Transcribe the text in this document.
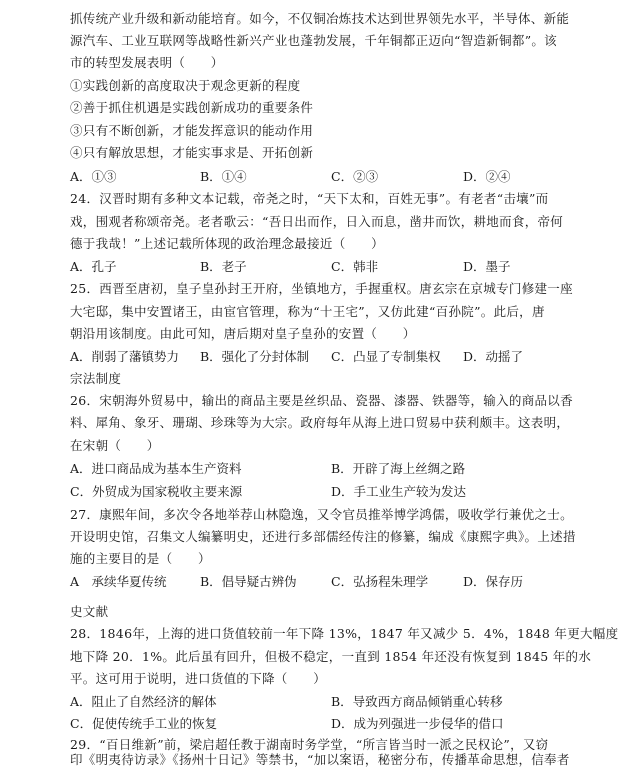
抓传统产业升级和新动能培育。如今，不仅铜冶炼技术达到世界领先水平，半导体、新能
源汽车、工业互联网等战略性新兴产业也蓬勃发展，千年铜都正迈向“智造新铜都”。该
市的转型发展表明（　　）
①实践创新的高度取决于观念更新的程度
②善于抓住机遇是实践创新成功的重要条件
③只有不断创新，才能发挥意识的能动作用
④只有解放思想，才能实事求是、开拓创新
A．①③	B．①④	C．②③	D．②④
24．汉晋时期有多种文本记载，帝尧之时，“天下太和，百姓无事”。有老者“击壤”而
戏，围观者称颂帝尧。老者歌云：“吾日出而作，日入而息，凿井而饮，耕地而食，帝何
德于我哉！”上述记载所体现的政治理念最接近（　　）
A．孔子	B．老子	C．韩非	D．墨子
25．西晋至唐初，皇子皇孙封王开府，坐镇地方，手握重权。唐玄宗在京城专门修建一座
大宅邸，集中安置诸王，由宦官管理，称为“十王宅”，又仿此建“百孙院”。此后，唐
朝沿用该制度。由此可知，唐后期对皇子皇孙的安置（　　）
A．削弱了藩镇势力 B．强化了分封体制 C．凸显了专制集权 D．动摇了
宗法制度
26．宋朝海外贸易中，输出的商品主要是丝织品、瓷器、漆器、铁器等，输入的商品以香
料、犀角、象牙、珊瑚、珍珠等为大宗。政府每年从海上进口贸易中获利颇丰。这表明，
在宋朝（　　）
A．进口商品成为基本生产资料	B．开辟了海上丝绸之路
C．外贸成为国家税收主要来源	D．手工业生产较为发达
27．康熙年间，多次令各地举荐山林隐逸，又令官员推举博学鸿儒，吸收学行兼优之士。
开设明史馆，召集文人编纂明史，还进行多部儒经传注的修纂，编成《康熙字典》。上述措
施的主要目的是（　　）
A　承续华夏传统	B．倡导疑古辨伪	C．弘扬程朱理学	D．保存历
史文献
28．1846年，上海的进口货值较前一年下降 13%，1847 年又减少 5．4%，1848 年更大幅度
地下降 20．1%。此后虽有回升，但极不稳定，一直到 1854 年还没有恢复到 1845 年的水
平。这可用于说明，进口货值的下降（　　）
A．阻止了自然经济的解体	B．导致西方商品倾销重心转移
C．促使传统手工业的恢复	D．成为列强进一步侵华的借口
29．“百日维新”前，梁启超任教于湖南时务学堂，“所言皆当时一派之民权论”，又窃
印《明夷待访录》《扬州十日记》等禁书，“加以案语，秘密分布，传播革命思想，信奉者
